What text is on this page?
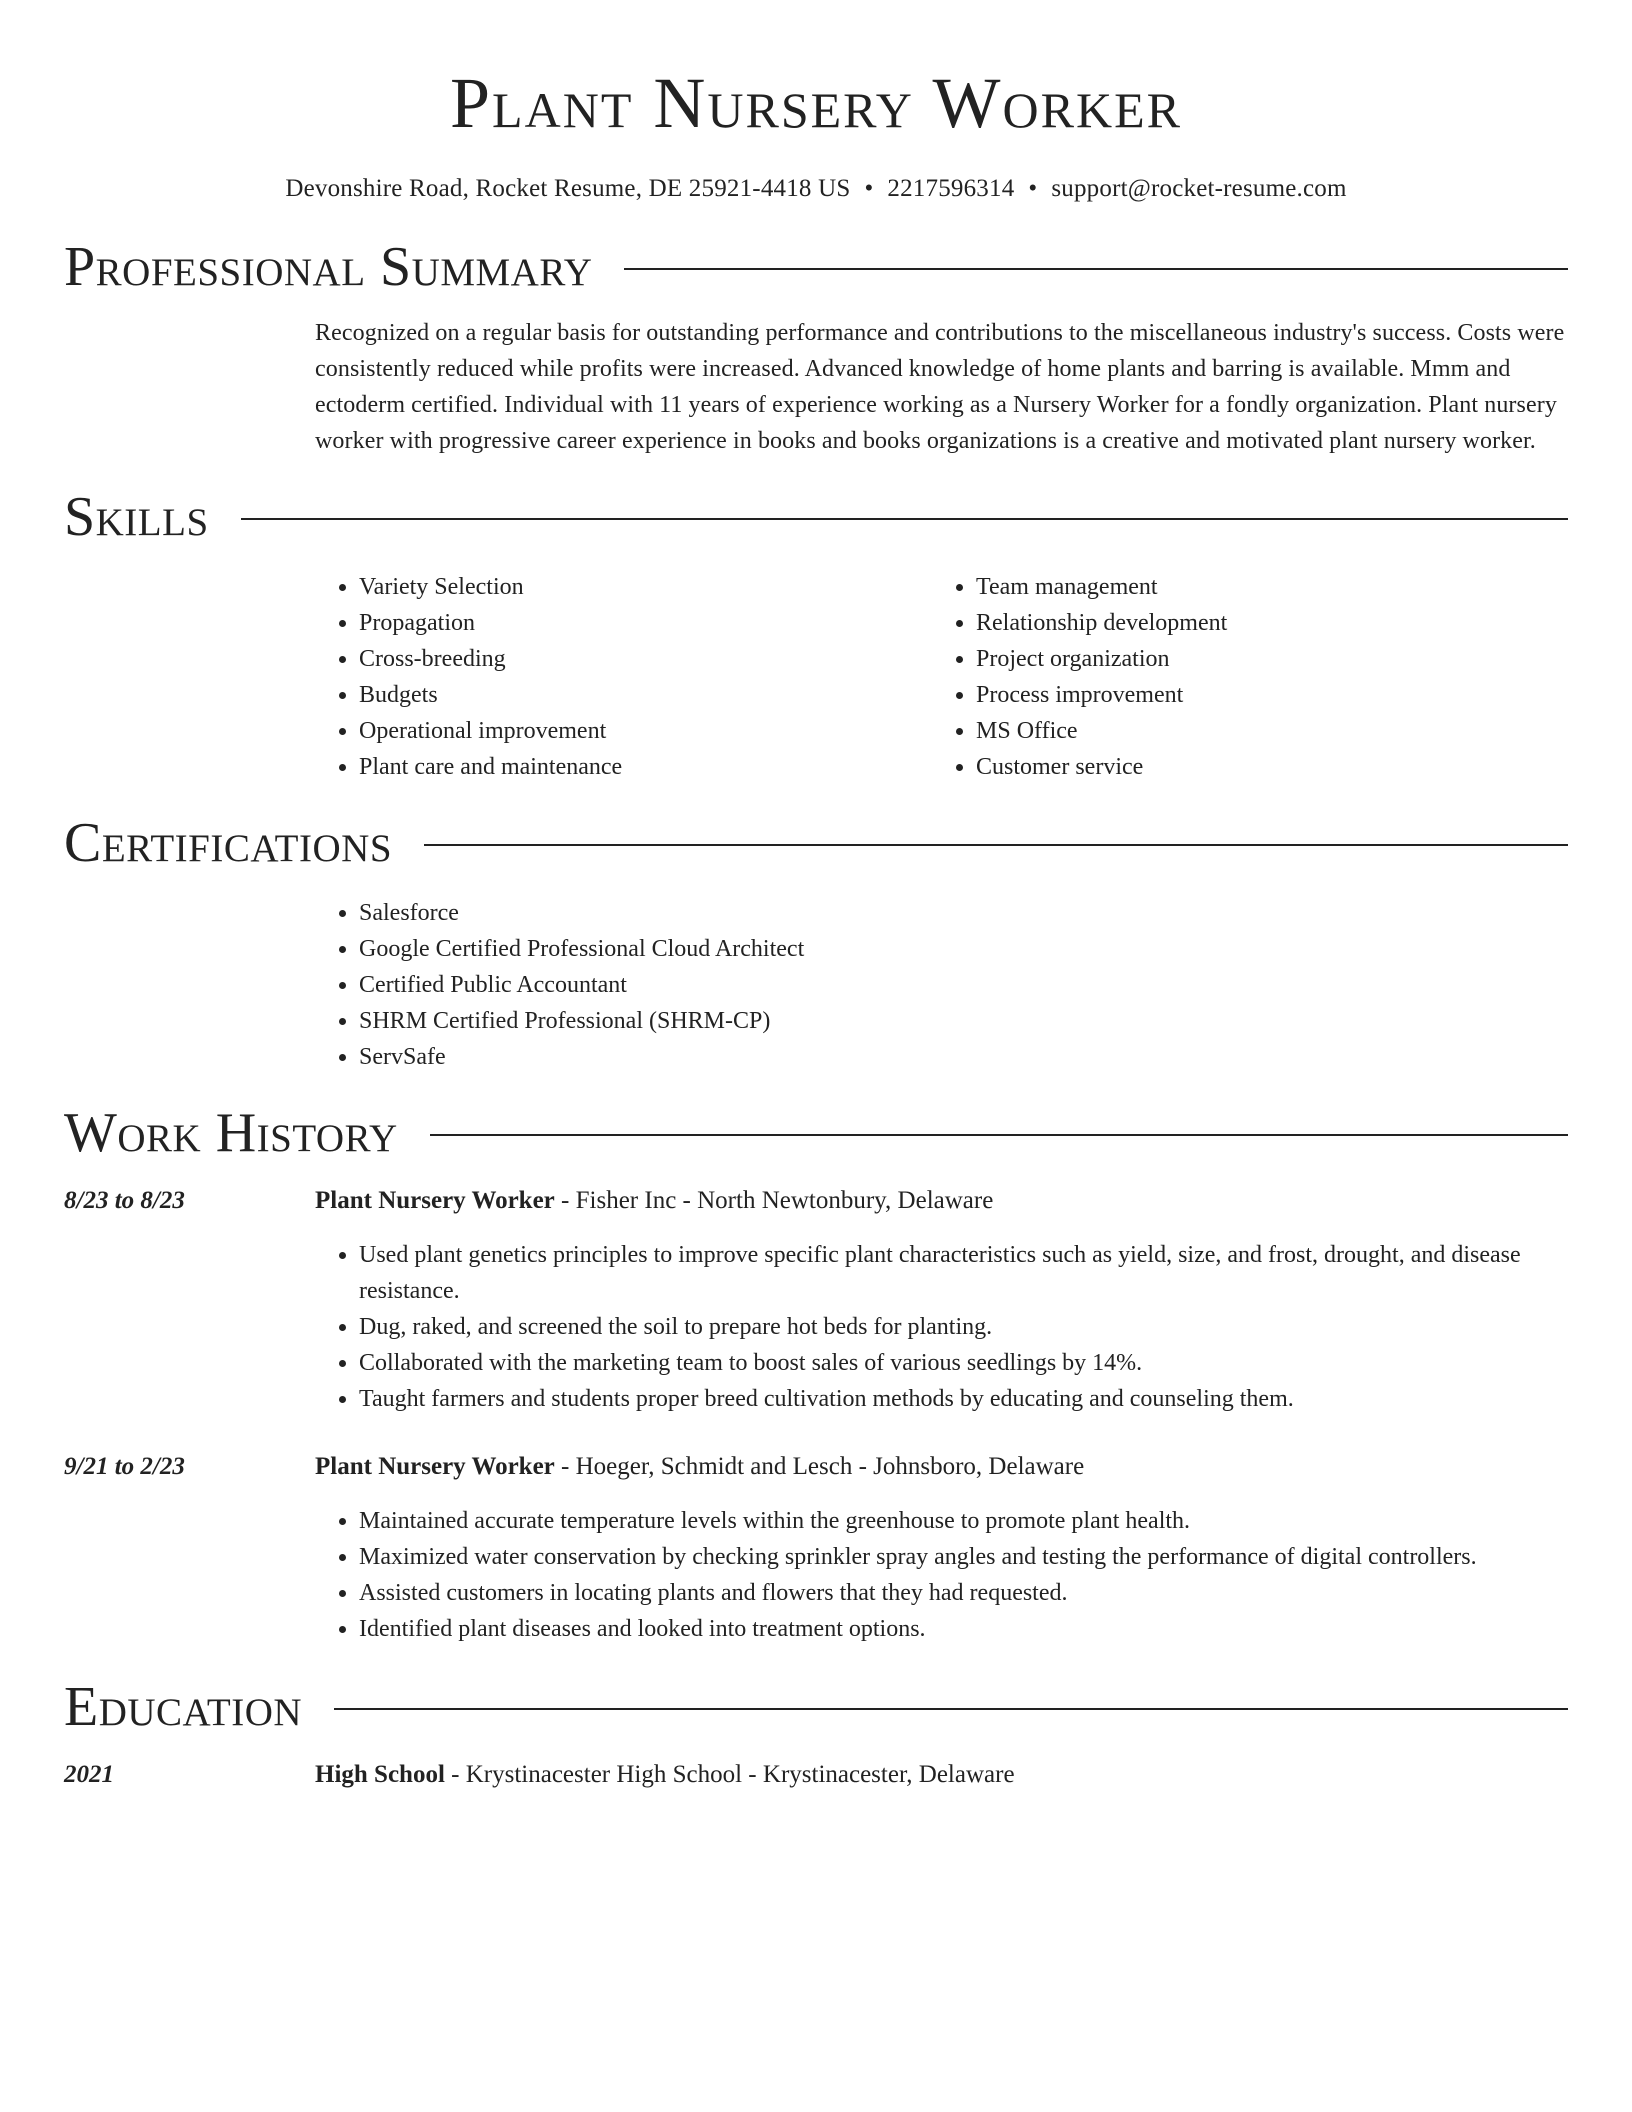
Plant Nursery Worker
Devonshire Road, Rocket Resume, DE 25921-4418 US • 2217596314 • support@rocket-resume.com
Professional Summary

Recognized on a regular basis for outstanding performance and contributions to the miscellaneous industry's success. Costs were consistently reduced while profits were increased. Advanced knowledge of home plants and barring is available. Mmm and ectoderm certified. Individual with 11 years of experience working as a Nursery Worker for a fondly organization. Plant nursery worker with progressive career experience in books and books organizations is a creative and motivated plant nursery worker.

Skills
• Variety Selection
• Propagation
• Cross-breeding
• Budgets
• Operational improvement
• Plant care and maintenance
• Team management
• Relationship development
• Project organization
• Process improvement
• MS Office
• Customer service
Certifications
• Salesforce
• Google Certified Professional Cloud Architect
• Certified Public Accountant
• SHRM Certified Professional (SHRM-CP)
• ServSafe
Work History
8/23 to 8/23	Plant Nursery Worker - Fisher Inc - North Newtonbury, Delaware
• Used plant genetics principles to improve specific plant characteristics such as yield, size, and frost, drought, and disease resistance.
• Dug, raked, and screened the soil to prepare hot beds for planting.
• Collaborated with the marketing team to boost sales of various seedlings by 14%.
• Taught farmers and students proper breed cultivation methods by educating and counseling them.
9/21 to 2/23	Plant Nursery Worker - Hoeger, Schmidt and Lesch - Johnsboro, Delaware
• Maintained accurate temperature levels within the greenhouse to promote plant health.
• Maximized water conservation by checking sprinkler spray angles and testing the performance of digital controllers.
• Assisted customers in locating plants and flowers that they had requested.
• Identified plant diseases and looked into treatment options.
Education
2021	High School - Krystinacester High School - Krystinacester, Delaware
